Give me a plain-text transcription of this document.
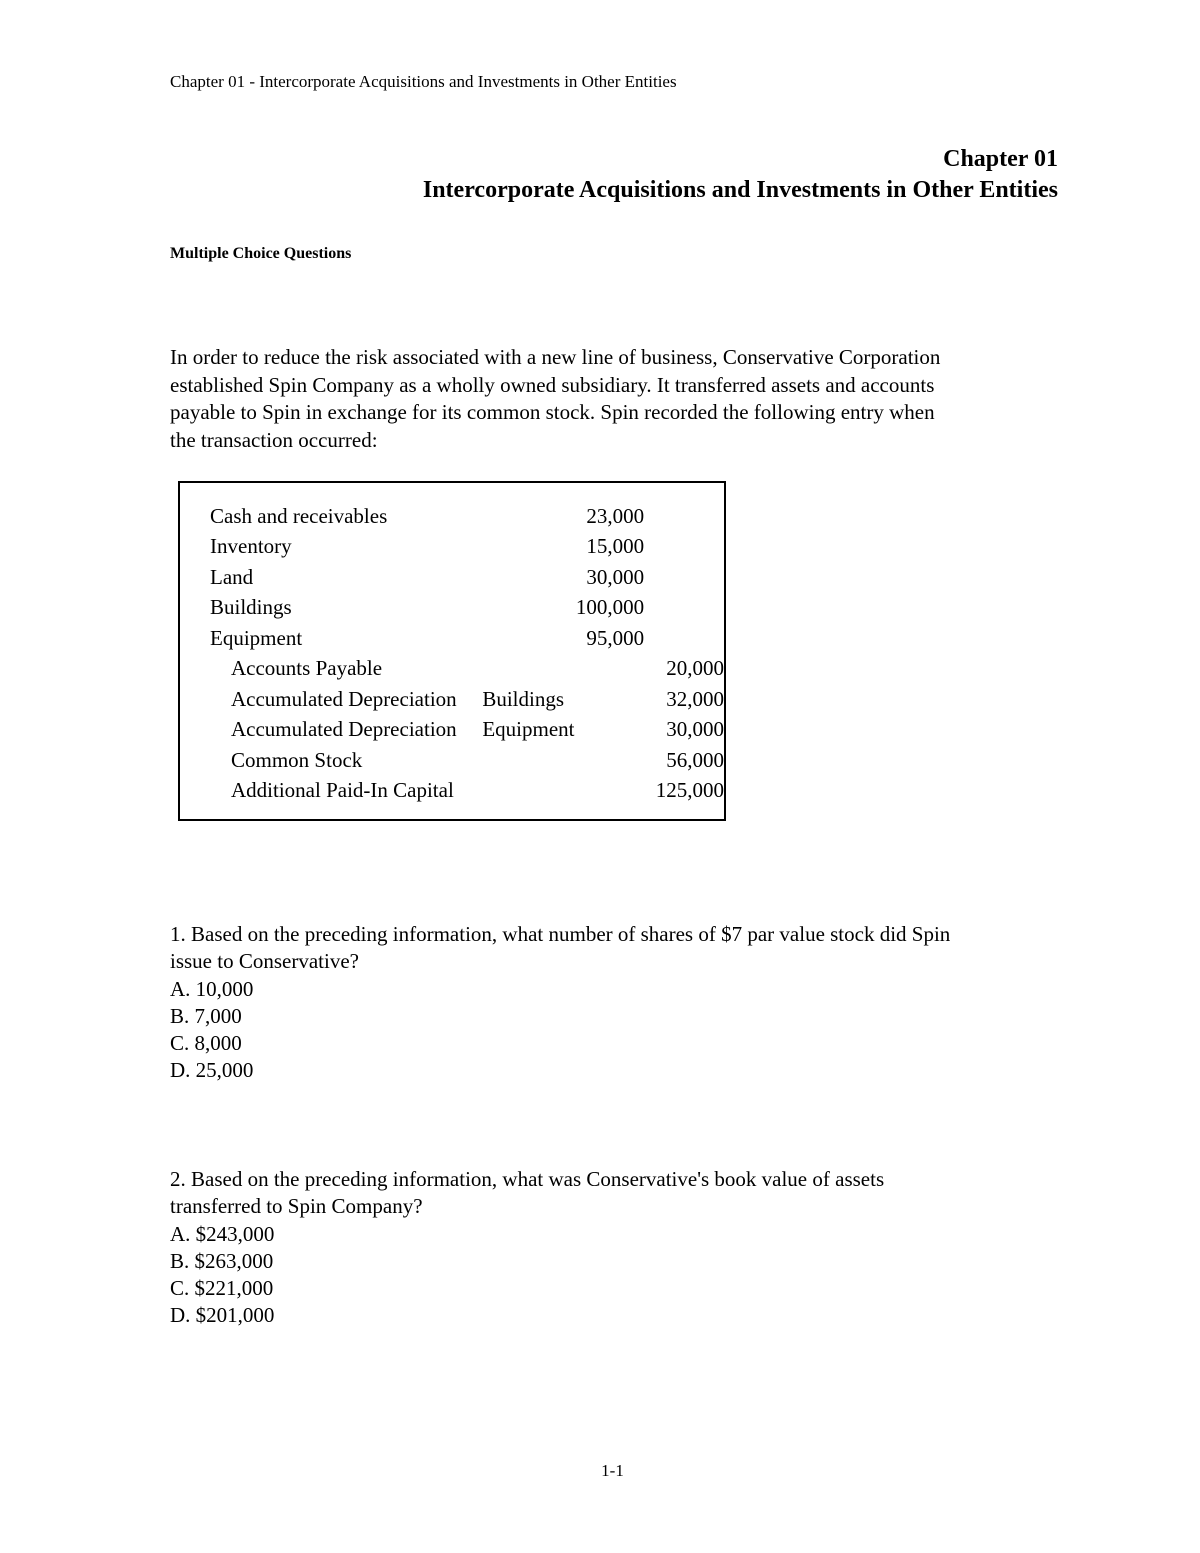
Chapter 01 - Intercorporate Acquisitions and Investments in Other Entities
Chapter 01
Intercorporate Acquisitions and Investments in Other Entities
Multiple Choice Questions
In order to reduce the risk associated with a new line of business, Conservative Corporation
established Spin Company as a wholly owned subsidiary. It transferred assets and accounts
payable to Spin in exchange for its common stock. Spin recorded the following entry when
the transaction occurred:
Cash and receivables		23,000	
Inventory		15,000	
Land		30,000	
Buildings		100,000	
Equipment		95,000	
Accounts Payable			20,000
Accumulated Depreciation	Buildings		32,000
Accumulated Depreciation	Equipment		30,000
Common Stock			56,000
Additional Paid-In Capital			125,000
1. Based on the preceding information, what number of shares of $7 par value stock did Spin
issue to Conservative?
A. 10,000
B. 7,000
C. 8,000
D. 25,000
2. Based on the preceding information, what was Conservative's book value of assets
transferred to Spin Company?
A. $243,000
B. $263,000
C. $221,000
D. $201,000
1-1
